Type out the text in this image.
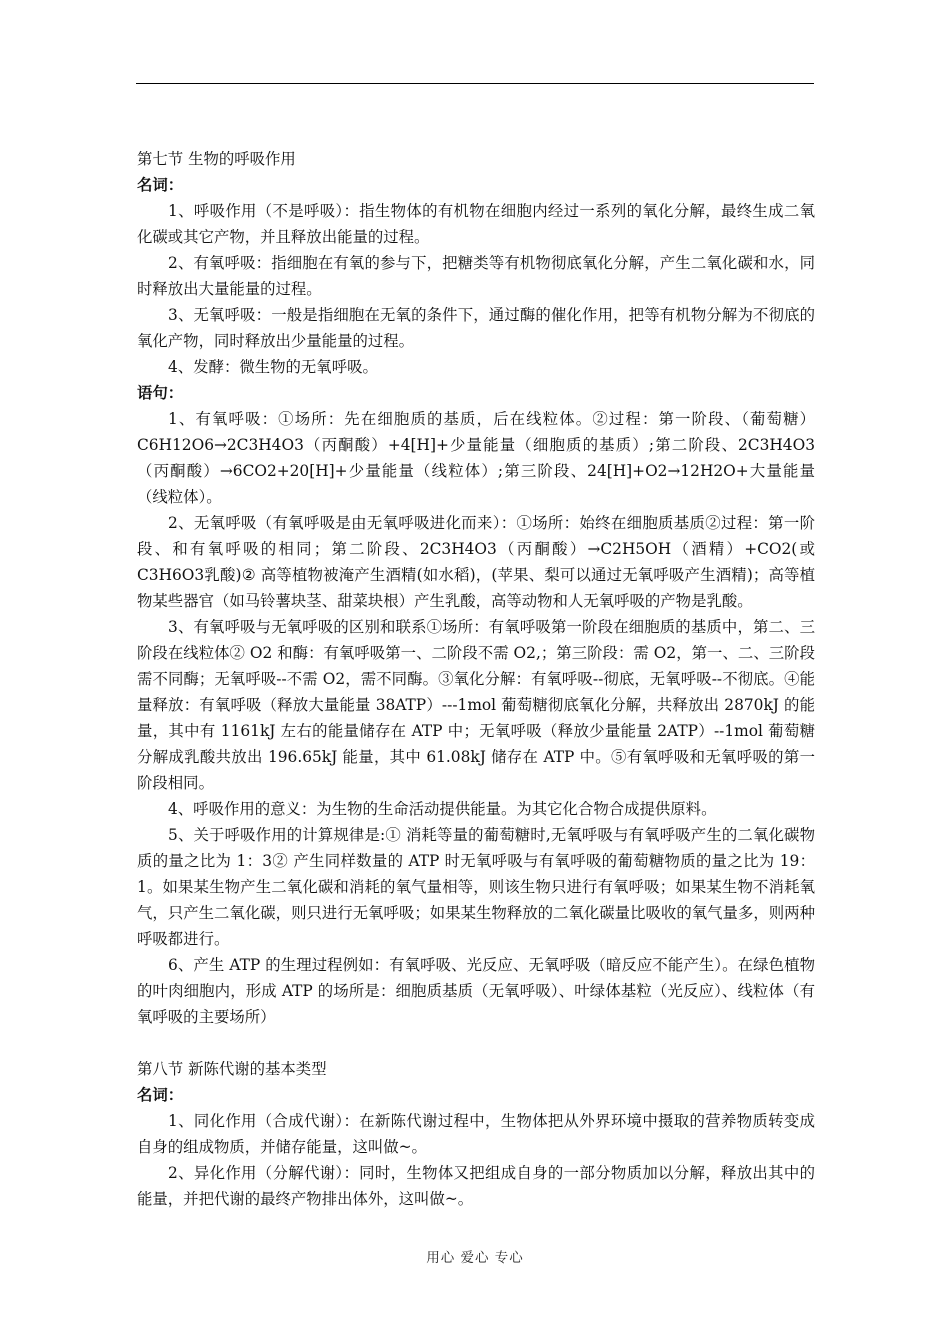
第七节 生物的呼吸作用

名词：

1、呼吸作用（不是呼吸）：指生物体的有机物在细胞内经过一系列的氧化分解，最终生成二氧化碳或其它产物，并且释放出能量的过程。

2、有氧呼吸：指细胞在有氧的参与下，把糖类等有机物彻底氧化分解，产生二氧化碳和水，同时释放出大量能量的过程。

3、无氧呼吸：一般是指细胞在无氧的条件下，通过酶的催化作用，把等有机物分解为不彻底的氧化产物，同时释放出少量能量的过程。

4、发酵：微生物的无氧呼吸。

语句：

1、有氧呼吸：①场所：先在细胞质的基质，后在线粒体。②过程：第一阶段、（葡萄糖）C6H12O6→2C3H4O3（丙酮酸）+4[H]+少量能量（细胞质的基质）;第二阶段、2C3H4O3（丙酮酸）→6CO2+20[H]+少量能量（线粒体）;第三阶段、24[H]+O2→12H2O+大量能量（线粒体）。

2、无氧呼吸（有氧呼吸是由无氧呼吸进化而来）：①场所：始终在细胞质基质②过程：第一阶段、和有氧呼吸的相同；第二阶段、2C3H4O3（丙酮酸）→C2H5OH（酒精）+CO2(或 C3H6O3乳酸)② 高等植物被淹产生酒精(如水稻)，(苹果、梨可以通过无氧呼吸产生酒精)；高等植物某些器官（如马铃薯块茎、甜菜块根）产生乳酸，高等动物和人无氧呼吸的产物是乳酸。

3、有氧呼吸与无氧呼吸的区别和联系①场所：有氧呼吸第一阶段在细胞质的基质中，第二、三阶段在线粒体② O2 和酶：有氧呼吸第一、二阶段不需 O2,；第三阶段：需 O2，第一、二、三阶段需不同酶；无氧呼吸--不需 O2，需不同酶。③氧化分解：有氧呼吸--彻底，无氧呼吸--不彻底。④能量释放：有氧呼吸（释放大量能量 38ATP）---1mol 葡萄糖彻底氧化分解，共释放出 2870kJ 的能量，其中有 1161kJ 左右的能量储存在 ATP 中；无氧呼吸（释放少量能量 2ATP）--1mol 葡萄糖分解成乳酸共放出 196.65kJ 能量，其中 61.08kJ 储存在 ATP 中。⑤有氧呼吸和无氧呼吸的第一阶段相同。

4、呼吸作用的意义：为生物的生命活动提供能量。为其它化合物合成提供原料。

5、关于呼吸作用的计算规律是:① 消耗等量的葡萄糖时,无氧呼吸与有氧呼吸产生的二氧化碳物质的量之比为 1：3② 产生同样数量的 ATP 时无氧呼吸与有氧呼吸的葡萄糖物质的量之比为 19：1。如果某生物产生二氧化碳和消耗的氧气量相等，则该生物只进行有氧呼吸；如果某生物不消耗氧气，只产生二氧化碳，则只进行无氧呼吸；如果某生物释放的二氧化碳量比吸收的氧气量多，则两种呼吸都进行。

6、产生 ATP 的生理过程例如：有氧呼吸、光反应、无氧呼吸（暗反应不能产生）。在绿色植物的叶肉细胞内，形成 ATP 的场所是：细胞质基质（无氧呼吸）、叶绿体基粒（光反应）、线粒体（有氧呼吸的主要场所）

第八节 新陈代谢的基本类型

名词：

1、同化作用（合成代谢）：在新陈代谢过程中，生物体把从外界环境中摄取的营养物质转变成自身的组成物质，并储存能量，这叫做~。

2、异化作用（分解代谢）：同时，生物体又把组成自身的一部分物质加以分解，释放出其中的能量，并把代谢的最终产物排出体外，这叫做~。

用心 爱心 专心
